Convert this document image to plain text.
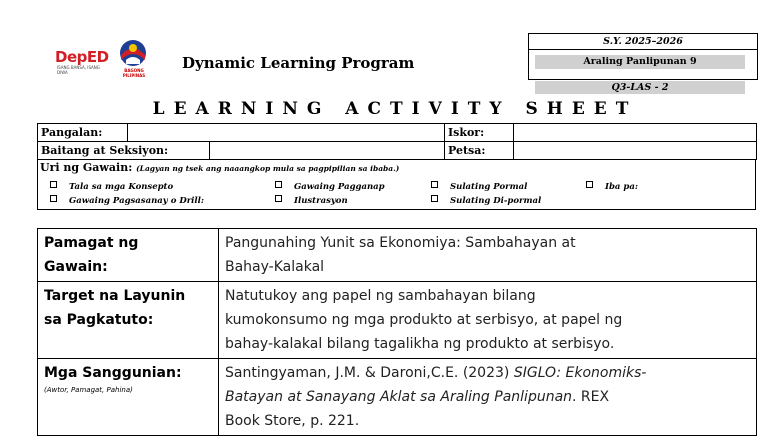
DepED
ISANG BANSA, ISANG DIWA	BAGONG PILIPINAS
Dynamic Learning Program
S.Y. 2025–2026
Araling Panlipunan 9
Q3-LAS - 2
LEARNING ACTIVITY SHEET
Pangalan:			Iskor:	
Baitang at Seksiyon:			Petsa:	
Uri ng Gawain: (Lagyan ng tsek ang naaangkop mula sa pagpipilian sa ibaba.)
Tala sa mga Konsepto	Gawaing Pagganap	Sulating Pormal	Iba pa:
Gawaing Pagsasanay o Drill:	Ilustrasyon	Sulating Di-pormal
Pamagat ng
Gawain:	Pangunahing Yunit sa Ekonomiya: Sambahayan at
Bahay-Kalakal
Target na Layunin
sa Pagkatuto:	Natutukoy ang papel ng sambahayan bilang
kumokonsumo ng mga produkto at serbisyo, at papel ng
bahay-kalakal bilang tagalikha ng produkto at serbisyo.
Mga Sanggunian:
(Awtor, Pamagat, Pahina)	Santingyaman, J.M. & Daroni,C.E. (2023) SIGLO: Ekonomiks-
Batayan at Sanayang Aklat sa Araling Panlipunan. REX
Book Store, p. 221.
